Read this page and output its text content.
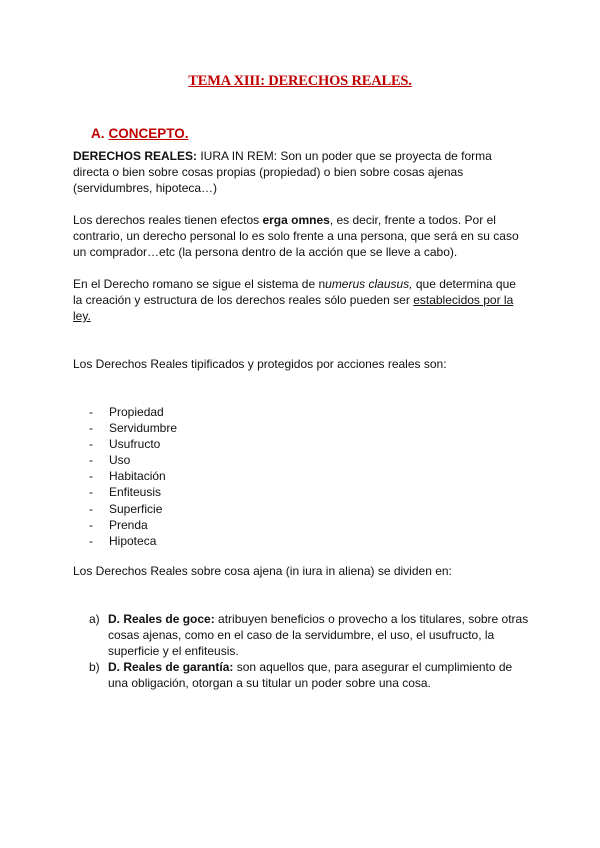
TEMA XIII: DERECHOS REALES.
A. CONCEPTO.

DERECHOS REALES: IURA IN REM: Son un poder que se proyecta de forma directa o bien sobre cosas propias (propiedad) o bien sobre cosas ajenas (servidumbres, hipoteca…)

Los derechos reales tienen efectos erga omnes, es decir, frente a todos. Por el contrario, un derecho personal lo es solo frente a una persona, que será en su caso un comprador…etc (la persona dentro de la acción que se lleve a cabo).

En el Derecho romano se sigue el sistema de numerus clausus, que determina que la creación y estructura de los derechos reales sólo pueden ser establecidos por la ley.

Los Derechos Reales tipificados y protegidos por acciones reales son:

- Propiedad
- Servidumbre
- Usufructo
- Uso
- Habitación
- Enfiteusis
- Superficie
- Prenda
- Hipoteca

Los Derechos Reales sobre cosa ajena (in iura in aliena) se dividen en:

a) D. Reales de goce: atribuyen beneficios o provecho a los titulares, sobre otras cosas ajenas, como en el caso de la servidumbre, el uso, el usufructo, la superficie y el enfiteusis.
b) D. Reales de garantía: son aquellos que, para asegurar el cumplimiento de una obligación, otorgan a su titular un poder sobre una cosa.
